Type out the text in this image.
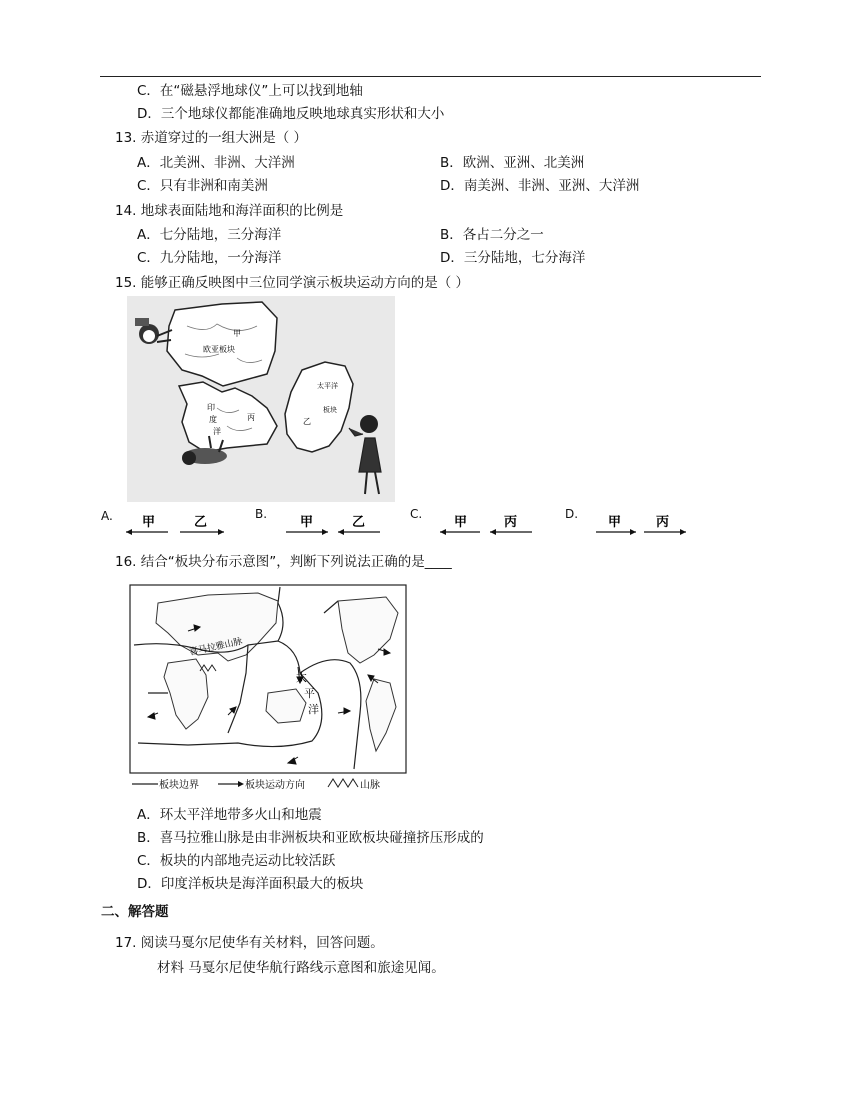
C．在“磁悬浮地球仪”上可以找到地轴
D．三个地球仪都能准确地反映地球真实形状和大小
13. 赤道穿过的一组大洲是（ ）
A．北美洲、非洲、大洋洲	B．欧洲、亚洲、北美洲
C．只有非洲和南美洲	D．南美洲、非洲、亚洲、大洋洲
14. 地球表面陆地和海洋面积的比例是
A．七分陆地，三分海洋	B．各占二分之一
C．九分陆地，一分海洋	D．三分陆地，七分海洋
15. 能够正确反映图中三位同学演示板块运动方向的是（ ）
甲
欧亚板块
太平洋
板块
乙
印
度
洋
丙
A. 甲	乙
B.
甲	乙
C.
甲	丙
D.
甲	丙
16. 结合“板块分布示意图”，判断下列说法正确的是____
喜马拉雅山脉
太
平
洋
板块边界	板块运动方向	山脉
A．环太平洋地带多火山和地震
B．喜马拉雅山脉是由非洲板块和亚欧板块碰撞挤压形成的
C．板块的内部地壳运动比较活跃
D．印度洋板块是海洋面积最大的板块
二、解答题
17. 阅读马戛尔尼使华有关材料，回答问题。
材料 马戛尔尼使华航行路线示意图和旅途见闻。
